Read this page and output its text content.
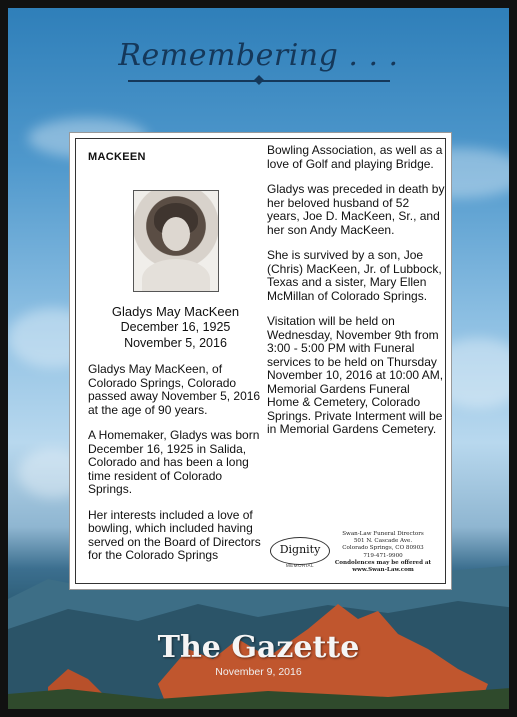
Remembering . . .
MACKEEN
Gladys May MacKeen
December 16, 1925
November 5, 2016

Gladys May MacKeen, of Colorado Springs, Colorado passed away November 5, 2016 at the age of 90 years.

A Homemaker, Gladys was born December 16, 1925 in Salida, Colorado and has been a long time resident of Colorado Springs.

Her interests included a love of bowling, which included having served on the Board of Directors for the Colorado Springs

Bowling Association, as well as a love of Golf and playing Bridge.

Gladys was preceded in death by her beloved husband of 52 years, Joe D. MacKeen, Sr., and her son Andy MacKeen.

She is survived by a son, Joe (Chris) MacKeen, Jr. of Lubbock, Texas and a sister, Mary Ellen McMillan of Colorado Springs.

Visitation will be held on Wednesday, November 9th from 3:00 - 5:00 PM with Funeral services to be held on Thursday November 10, 2016 at 10:00 AM, Memorial Gardens Funeral Home & Cemetery, Colorado Springs. Private Interment will be in Memorial Gardens Cemetery.

Dignity
MEMORIAL
Swan-Law Funeral Directors
501 N. Cascade Ave.
Colorado Springs, CO 80903
719-471-9900
Condolences may be offered at
www.Swan-Law.com
The Gazette
November 9, 2016
